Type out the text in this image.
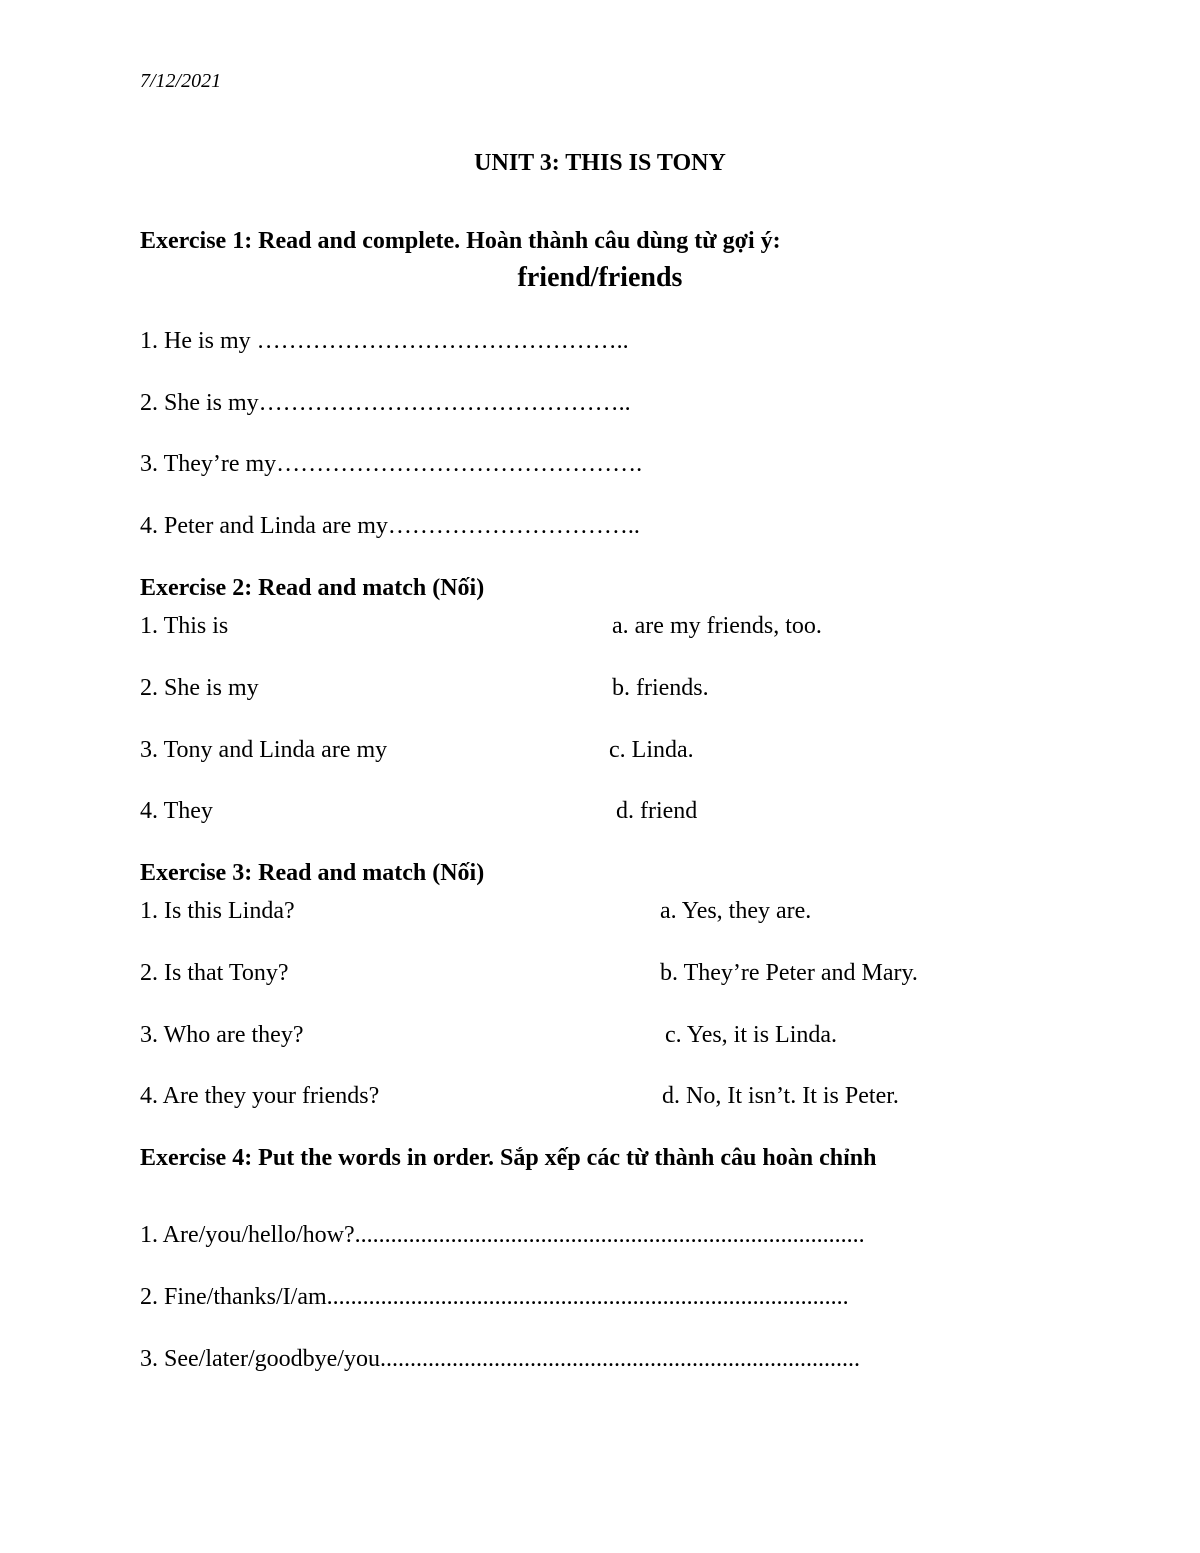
7/12/2021
UNIT 3: THIS IS TONY
Exercise 1: Read and complete. Hoàn thành câu dùng từ gợi ý:
friend/friends
1. He is my ………………………………………..
2. She is my………………………………………..
3. They’re my……………………………………….
4. Peter and Linda are my…………………………..
Exercise 2: Read and match (Nối)
1. This is	a. are my friends, too.
2. She is my	b. friends.
3. Tony and Linda are my	c. Linda.
4. They	d. friend
Exercise 3: Read and match (Nối)
1. Is this Linda?	a. Yes, they are.
2. Is that Tony?	b. They’re Peter and Mary.
3. Who are they?	c. Yes, it is Linda.
4. Are they your friends?	d. No, It isn’t. It is Peter.
Exercise 4: Put the words in order. Sắp xếp các từ thành câu hoàn chỉnh
1. Are/you/hello/how?.....................................................................................
2. Fine/thanks/I/am.......................................................................................
3. See/later/goodbye/you................................................................................
